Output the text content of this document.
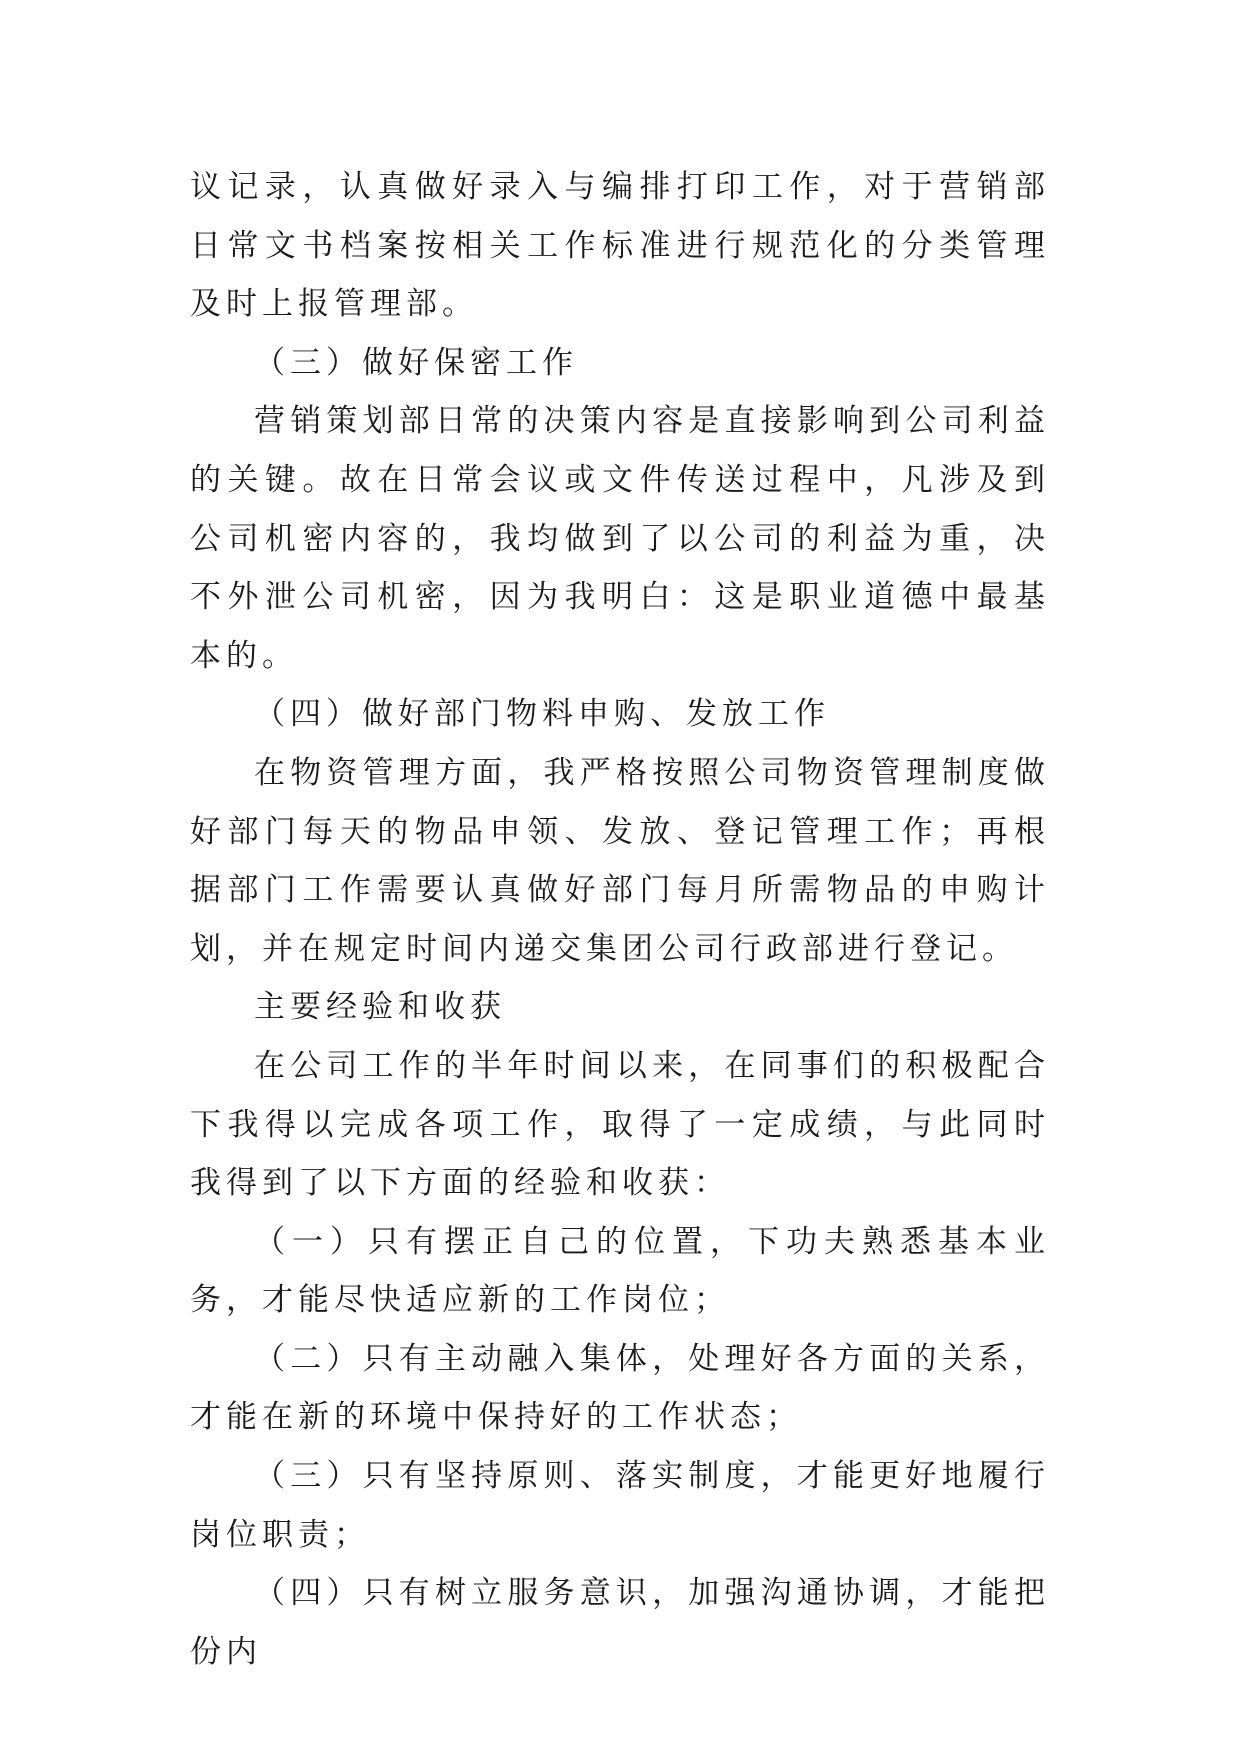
议记录，认真做好录入与编排打印工作，对于营销部日常文书档案按相关工作标准进行规范化的分类管理及时上报管理部。

（三）做好保密工作

营销策划部日常的决策内容是直接影响到公司利益的关键。故在日常会议或文件传送过程中，凡涉及到公司机密内容的，我均做到了以公司的利益为重，决不外泄公司机密，因为我明白：这是职业道德中最基本的。

（四）做好部门物料申购、发放工作

在物资管理方面，我严格按照公司物资管理制度做好部门每天的物品申领、发放、登记管理工作；再根据部门工作需要认真做好部门每月所需物品的申购计划，并在规定时间内递交集团公司行政部进行登记。

主要经验和收获

在公司工作的半年时间以来，在同事们的积极配合下我得以完成各项工作，取得了一定成绩，与此同时我得到了以下方面的经验和收获：

（一）只有摆正自己的位置，下功夫熟悉基本业务，才能尽快适应新的工作岗位；

（二）只有主动融入集体，处理好各方面的关系，才能在新的环境中保持好的工作状态；

（三）只有坚持原则、落实制度，才能更好地履行岗位职责；

（四）只有树立服务意识，加强沟通协调，才能把份内
